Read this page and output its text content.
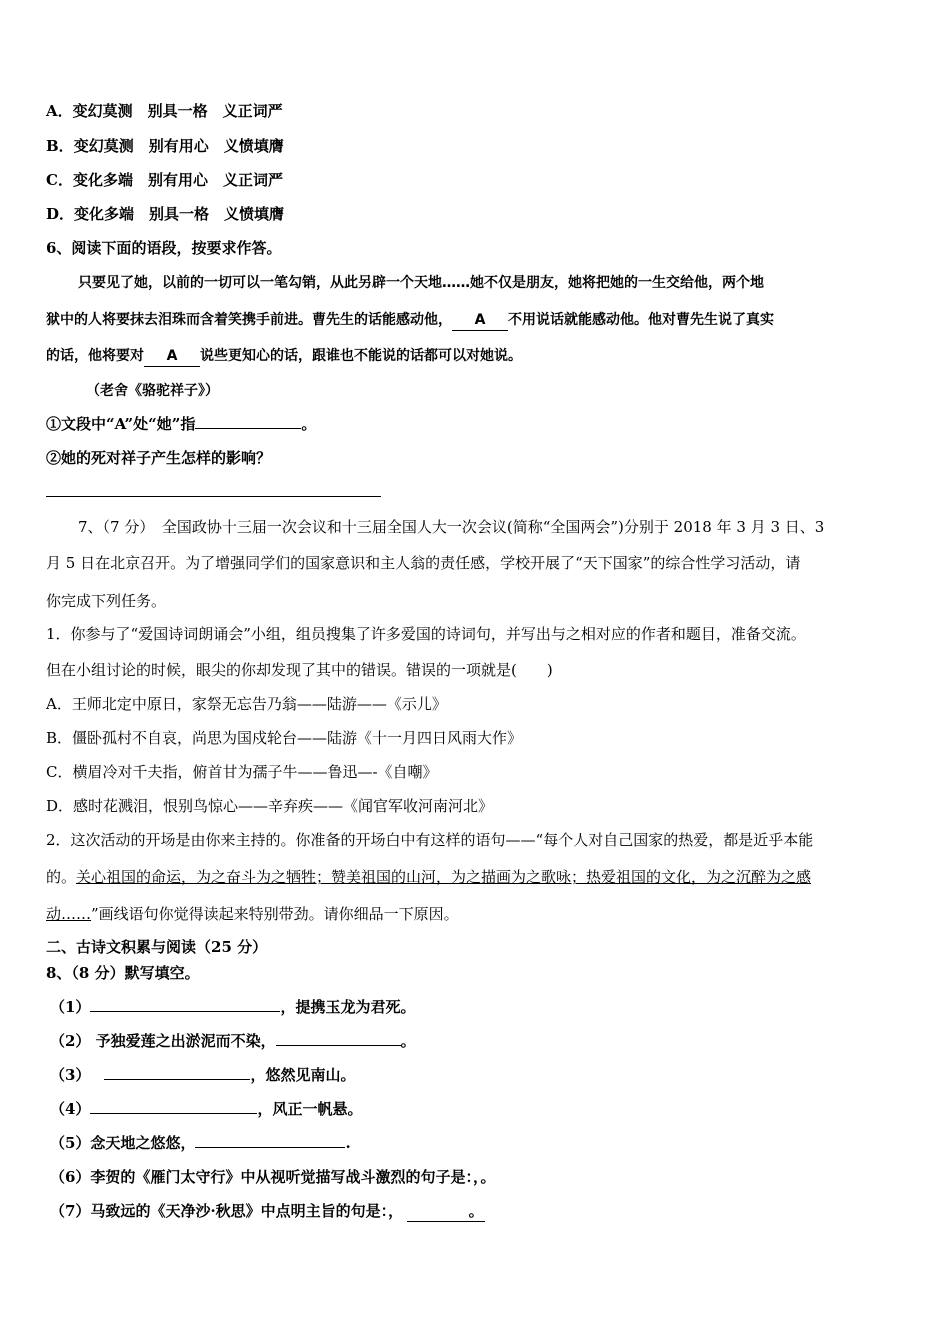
A．变幻莫测　别具一格　义正词严
B．变幻莫测　别有用心　义愤填膺
C．变化多端　别有用心　义正词严
D．变化多端　别具一格　义愤填膺
6、阅读下面的语段，按要求作答。
只要见了她，以前的一切可以一笔勾销，从此另辟一个天地……她不仅是朋友，她将把她的一生交给他，两个地
狱中的人将要抹去泪珠而含着笑携手前进。曹先生的话能感动他， A 不用说话就能感动他。他对曹先生说了真实
的话，他将要对 A 说些更知心的话，跟谁也不能说的话都可以对她说。
（老舍《骆驼祥子》）
①文段中“A”处“她”指	。
②她的死对祥子产生怎样的影响？
7、（7 分）　全国政协十三届一次会议和十三届全国人大一次会议(简称“全国两会”)分别于 2018 年 3 月 3 日、3
月 5 日在北京召开。为了增强同学们的国家意识和主人翁的责任感，学校开展了“天下国家”的综合性学习活动，请
你完成下列任务。
1．你参与了“爱国诗词朗诵会”小组，组员搜集了许多爱国的诗词句，并写出与之相对应的作者和题目，准备交流。
但在小组讨论的时候，眼尖的你却发现了其中的错误。错误的一项就是(　　)
A．王师北定中原日，家祭无忘告乃翁——陆游——《示儿》
B．僵卧孤村不自哀，尚思为国戍轮台——陆游《十一月四日风雨大作》
C．横眉冷对千夫指，俯首甘为孺子牛——鲁迅—-《自嘲》
D．感时花溅泪，恨别鸟惊心——辛弃疾——《闻官军收河南河北》
2．这次活动的开场是由你来主持的。你准备的开场白中有这样的语句——“每个人对自己国家的热爱，都是近乎本能
的。关心祖国的命运，为之奋斗为之牺牲；赞美祖国的山河，为之描画为之歌咏；热爱祖国的文化，为之沉醉为之感
动……”画线语句你觉得读起来特别带劲。请你细品一下原因。
二、古诗文积累与阅读（25 分）
8、（8 分）默写填空。
（1）	，提携玉龙为君死。
（2） 予独爱莲之出淤泥而不染，	。
（3）	，悠然见南山。
（4）	，风正一帆悬。
（5）念天地之悠悠，	.
（6）李贺的《雁门太守行》中从视听觉描写战斗激烈的句子是：，。
（7）马致远的《天净沙·秋思》中点明主旨的句是：，	。
